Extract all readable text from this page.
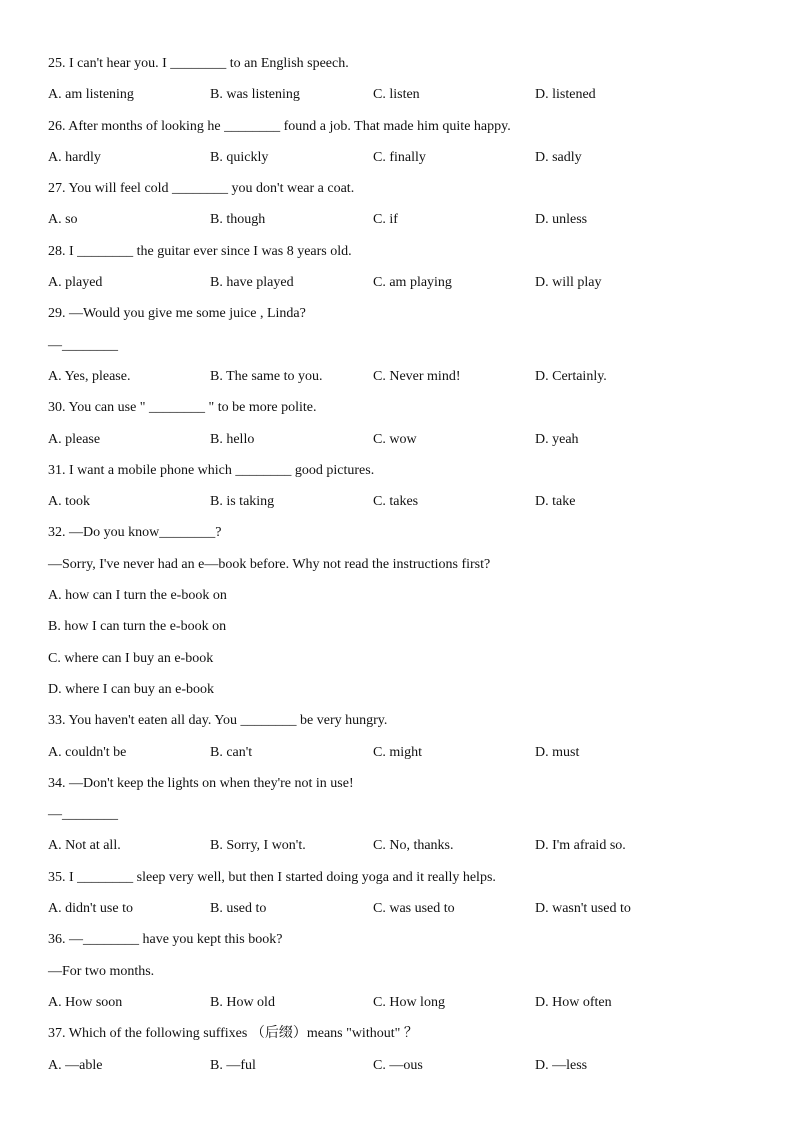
25. I can't hear you. I ________ to an English speech.
A. am listening	B. was listening	C. listen	D. listened
26. After months of looking he ________ found a job. That made him quite happy.
A. hardly	B. quickly	C. finally	D. sadly
27. You will feel cold ________ you don't wear a coat.
A. so	B. though	C. if	D. unless
28. I ________ the guitar ever since I was 8 years old.
A. played	B. have played	C. am playing	D. will play
29. —Would you give me some juice , Linda?
—________
A. Yes, please.	B. The same to you.	C. Never mind!	D. Certainly.
30. You can use " ________ " to be more polite.
A. please	B. hello	C. wow	D. yeah
31. I want a mobile phone which ________ good pictures.
A. took	B. is taking	C. takes	D. take
32. —Do you know________?
—Sorry, I've never had an e—book before. Why not read the instructions first?
A. how can I turn the e-book on
B. how I can turn the e-book on
C. where can I buy an e-book
D. where I can buy an e-book
33. You haven't eaten all day. You ________ be very hungry.
A. couldn't be	B. can't	C. might	D. must
34. —Don't keep the lights on when they're not in use!
—________
A. Not at all.	B. Sorry, I won't.	C. No, thanks.	D. I'm afraid so.
35. I ________ sleep very well, but then I started doing yoga and it really helps.
A. didn't use to	B. used to	C. was used to	D. wasn't used to
36. —________ have you kept this book?
—For two months.
A. How soon	B. How old	C. How long	D. How often
37. Which of the following suffixes （后缀）means "without" ？
A. —able	B. —ful	C. —ous	D. —less
